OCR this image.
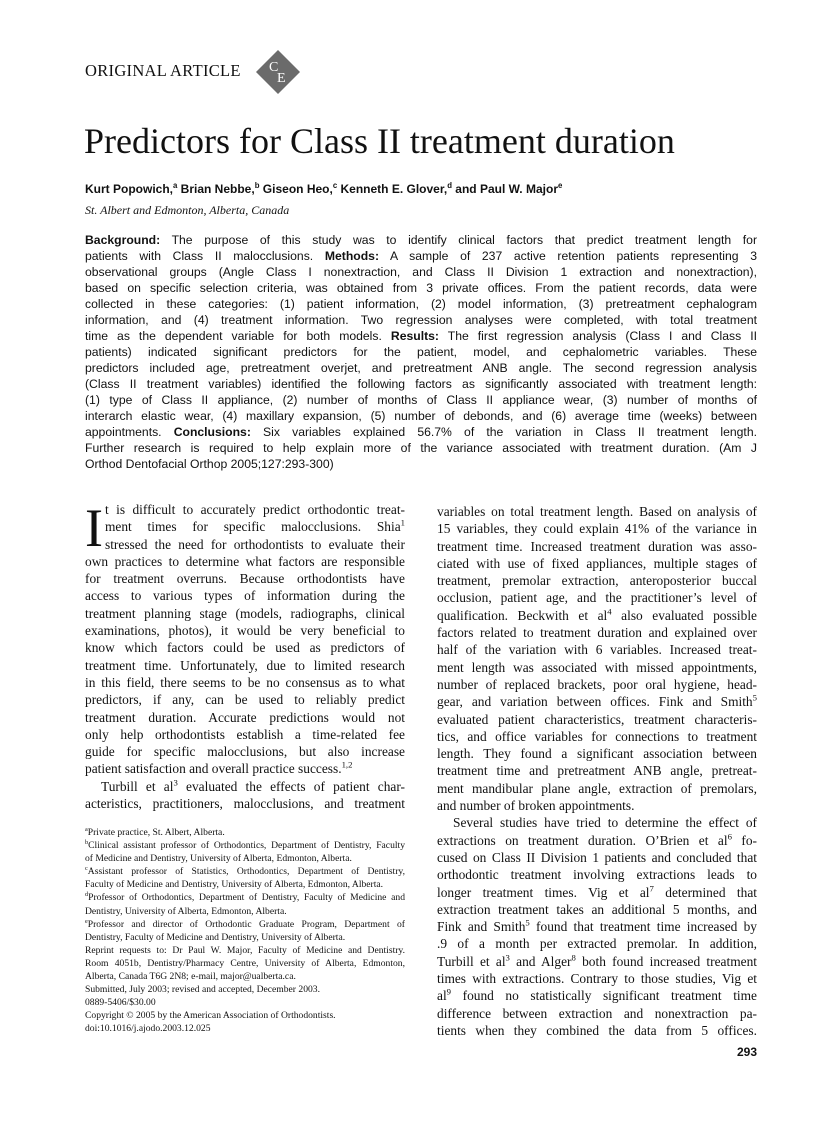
ORIGINAL ARTICLE C
E
Predictors for Class II treatment duration
Kurt Popowich,$^a$ Brian Nebbe,$^b$ Giseon Heo,$^c$ Kenneth E. Glover,$^d$ and Paul W. Major$^e$
St. Albert and Edmonton, Alberta, Canada
Background: The purpose of this study was to identify clinical factors that predict treatment length for
patients with Class II malocclusions. Methods: A sample of 237 active retention patients representing 3
observational groups (Angle Class I nonextraction, and Class II Division 1 extraction and nonextraction),
based on specific selection criteria, was obtained from 3 private offices. From the patient records, data were
collected in these categories: (1) patient information, (2) model information, (3) pretreatment cephalogram
information, and (4) treatment information. Two regression analyses were completed, with total treatment
time as the dependent variable for both models. Results: The first regression analysis (Class I and Class II
patients) indicated significant predictors for the patient, model, and cephalometric variables. These
predictors included age, pretreatment overjet, and pretreatment ANB angle. The second regression analysis
(Class II treatment variables) identified the following factors as significantly associated with treatment length:
(1) type of Class II appliance, (2) number of months of Class II appliance wear, (3) number of months of
interarch elastic wear, (4) maxillary expansion, (5) number of debonds, and (6) average time (weeks) between
appointments. Conclusions: Six variables explained 56.7% of the variation in Class II treatment length.
Further research is required to help explain more of the variance associated with treatment duration. (Am J
Orthod Dentofacial Orthop 2005;127:293-300)
I t is difficult to accurately predict orthodontic treat-
ment times for specific malocclusions. Shia$^1$
stressed the need for orthodontists to evaluate their
own practices to determine what factors are responsible
for treatment overruns. Because orthodontists have
access to various types of information during the
treatment planning stage (models, radiographs, clinical
examinations, photos), it would be very beneficial to
know which factors could be used as predictors of
treatment time. Unfortunately, due to limited research
in this field, there seems to be no consensus as to what
predictors, if any, can be used to reliably predict
treatment duration. Accurate predictions would not
only help orthodontists establish a time-related fee
guide for specific malocclusions, but also increase
patient satisfaction and overall practice success.$^{1,2}$
Turbill et $al^3$ evaluated the effects of patient char-
acteristics, practitioners, malocclusions, and treatment
variables on total treatment length. Based on analysis of
15 variables, they could explain 41% of the variance in
treatment time. Increased treatment duration was asso-
ciated with use of fixed appliances, multiple stages of
treatment, premolar extraction, anteroposterior buccal
occlusion, patient age, and the practitioner’s level of
qualification. Beckwith et $al^4$ also evaluated possible
factors related to treatment duration and explained over
half of the variation with 6 variables. Increased treat-
ment length was associated with missed appointments,
number of replaced brackets, poor oral hygiene, head-
gear, and variation between offices. Fink and Smith$^5$
evaluated patient characteristics, treatment characteris-
tics, and office variables for connections to treatment
length. They found a significant association between
treatment time and pretreatment ANB angle, pretreat-
ment mandibular plane angle, extraction of premolars,
and number of broken appointments.
Several studies have tried to determine the effect of
extractions on treatment duration. O’Brien et $al^6$ fo-
cused on Class II Division 1 patients and concluded that
orthodontic treatment involving extractions leads to
longer treatment times. Vig et $al^7$ determined that
extraction treatment takes an additional 5 months, and
Fink and Smith$^5$ found that treatment time increased by
.9 of a month per extracted premolar. In addition,
Turbill et $al^3$ and Alger$^8$ both found increased treatment
times with extractions. Contrary to those studies, Vig et
$al^9$ found no statistically significant treatment time
difference between extraction and nonextraction pa-
tients when they combined the data from 5 offices.
$^a$Private practice, St. Albert, Alberta.
$^b$Clinical assistant professor of Orthodontics, Department of Dentistry, Faculty
of Medicine and Dentistry, University of Alberta, Edmonton, Alberta.
$^c$Assistant professor of Statistics, Orthodontics, Department of Dentistry,
Faculty of Medicine and Dentistry, University of Alberta, Edmonton, Alberta.
$^d$Professor of Orthodontics, Department of Dentistry, Faculty of Medicine and
Dentistry, University of Alberta, Edmonton, Alberta.
$^e$Professor and director of Orthodontic Graduate Program, Department of
Dentistry, Faculty of Medicine and Dentistry, University of Alberta.
Reprint requests to: Dr Paul W. Major, Faculty of Medicine and Dentistry.
Room 4051b, Dentistry/Pharmacy Centre, University of Alberta, Edmonton,
Alberta, Canada T6G 2N8; e-mail, major@ualberta.ca.
Submitted, July 2003; revised and accepted, December 2003.
0889-5406/$30.00
Copyright © 2005 by the American Association of Orthodontists.
doi:10.1016/j.ajodo.2003.12.025
293
